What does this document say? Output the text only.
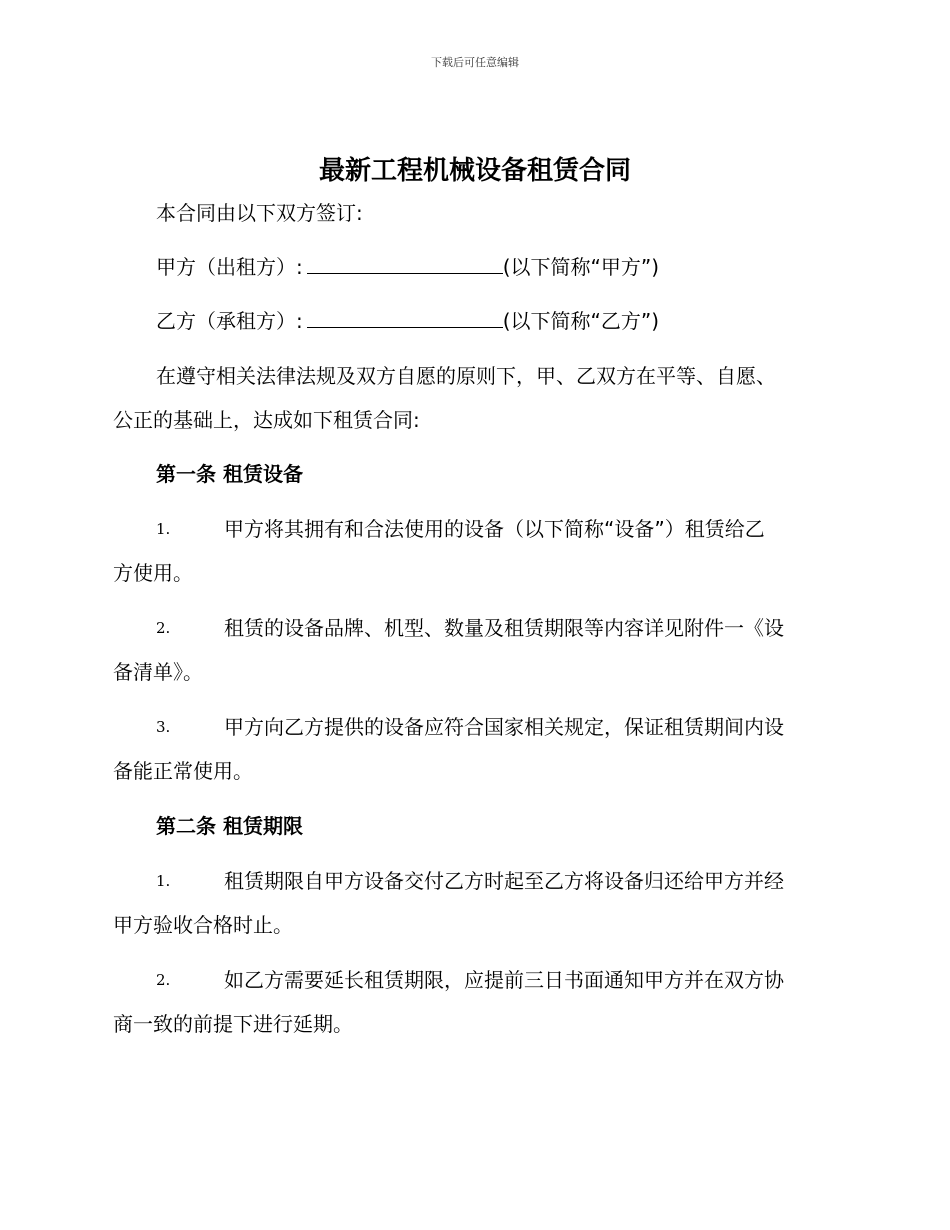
下载后可任意编辑
最新工程机械设备租赁合同
本合同由以下双方签订:
甲方（出租方）:	(以下简称“甲方”)
乙方（承租方）:	(以下简称“乙方”)
在遵守相关法律法规及双方自愿的原则下，甲、乙双方在平等、自愿、
公正的基础上，达成如下租赁合同:
第一条 租赁设备
1.	甲方将其拥有和合法使用的设备（以下简称“设备”）租赁给乙
方使用。
2.	租赁的设备品牌、机型、数量及租赁期限等内容详见附件一《设
备清单》。
3.	甲方向乙方提供的设备应符合国家相关规定，保证租赁期间内设
备能正常使用。
第二条 租赁期限
1.	租赁期限自甲方设备交付乙方时起至乙方将设备归还给甲方并经
甲方验收合格时止。
2.	如乙方需要延长租赁期限，应提前三日书面通知甲方并在双方协
商一致的前提下进行延期。
